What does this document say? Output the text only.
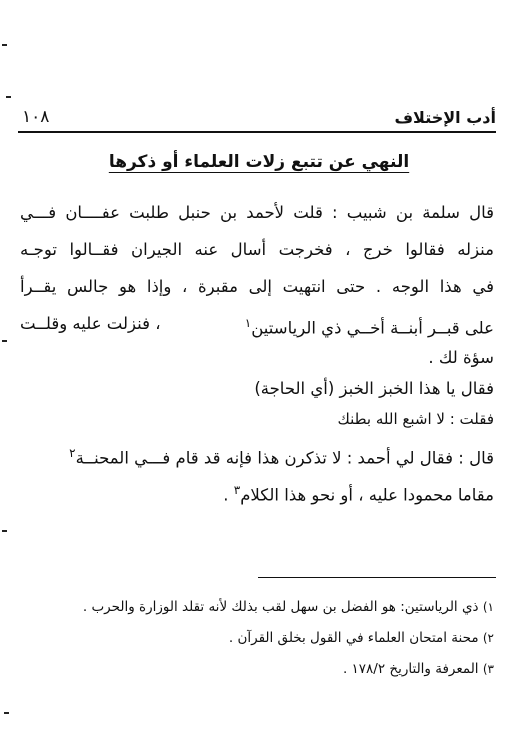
أدب الإختلاف
١٠٨
النهي عن تتبع زلات العلماء أو ذكرها
قال سلمة بن شبيب : قلت لأحمد بن حنبل طلبت عفــــان فـــي
منزله فقالوا خرج ، فخرجت أسال عنه الجيران فقــالوا توجـه
في هذا الوجه . حتى انتهيت إلى مقبرة ، وإذا هو جالس يقــرأ
على قبــر أبنــة أخــي ذي الرياستين$^١$
، فنزلت عليه وقلــت
سؤة لك .
فقال يا هذا الخبز الخبز (أي الحاجة)
فقلت : لا اشبع الله بطنك
قال : فقال لي أحمد : لا تذكرن هذا فإنه قد قام فـــي المحنــة$^٢$
مقاما محمودا عليه ، أو نحو هذا الكلام$^٣$ .
١) ذي الرياستين: هو الفضل بن سهل لقب بذلك لأنه تقلد الوزارة والحرب .
٢) محنة امتحان العلماء في القول بخلق القرآن .
٣) المعرفة والتاريخ ١٧٨/٢ .
